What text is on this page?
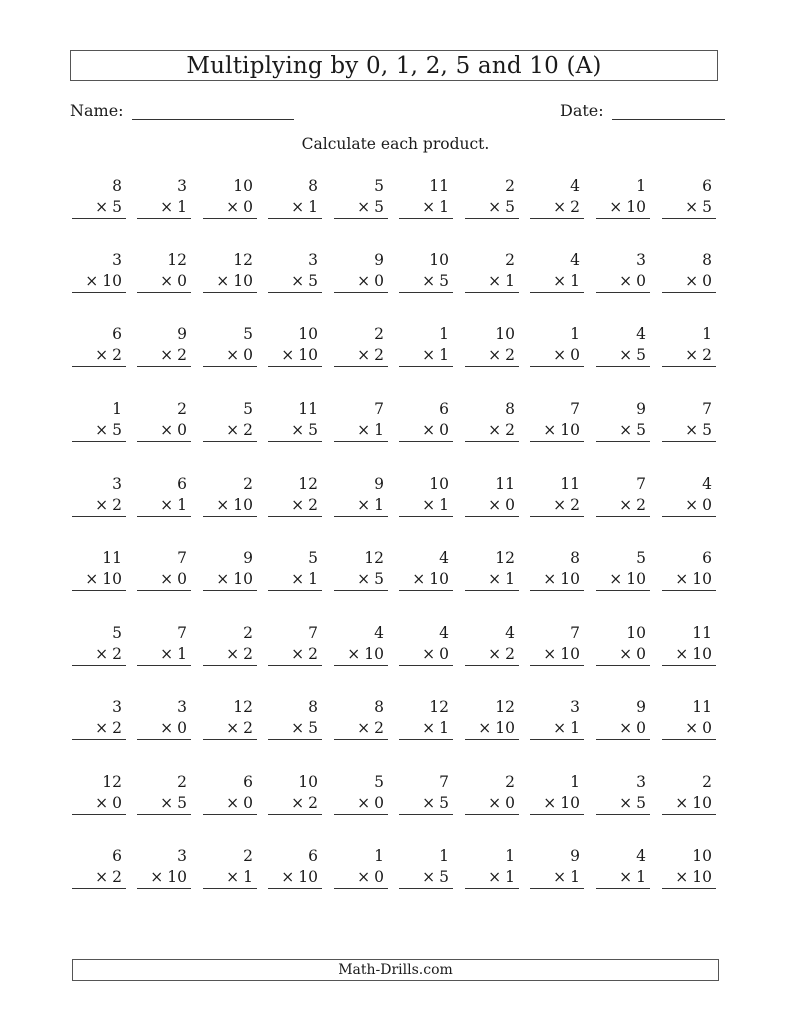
Multiplying by 0, 1, 2, 5 and 10 (A)
Name:	Date:
Calculate each product.
8
× 5
3
× 1
10
× 0
8
× 1
5
× 5
11
× 1
2
× 5
4
× 2
1
× 10
6
× 5
3
× 10
12
× 0
12
× 10
3
× 5
9
× 0
10
× 5
2
× 1
4
× 1
3
× 0
8
× 0
6
× 2
9
× 2
5
× 0
10
× 10
2
× 2
1
× 1
10
× 2
1
× 0
4
× 5
1
× 2
1
× 5
2
× 0
5
× 2
11
× 5
7
× 1
6
× 0
8
× 2
7
× 10
9
× 5
7
× 5
3
× 2
6
× 1
2
× 10
12
× 2
9
× 1
10
× 1
11
× 0
11
× 2
7
× 2
4
× 0
11
× 10
7
× 0
9
× 10
5
× 1
12
× 5
4
× 10
12
× 1
8
× 10
5
× 10
6
× 10
5
× 2
7
× 1
2
× 2
7
× 2
4
× 10
4
× 0
4
× 2
7
× 10
10
× 0
11
× 10
3
× 2
3
× 0
12
× 2
8
× 5
8
× 2
12
× 1
12
× 10
3
× 1
9
× 0
11
× 0
12
× 0
2
× 5
6
× 0
10
× 2
5
× 0
7
× 5
2
× 0
1
× 10
3
× 5
2
× 10
6
× 2
3
× 10
2
× 1
6
× 10
1
× 0
1
× 5
1
× 1
9
× 1
4
× 1
10
× 10
Math-Drills.com
